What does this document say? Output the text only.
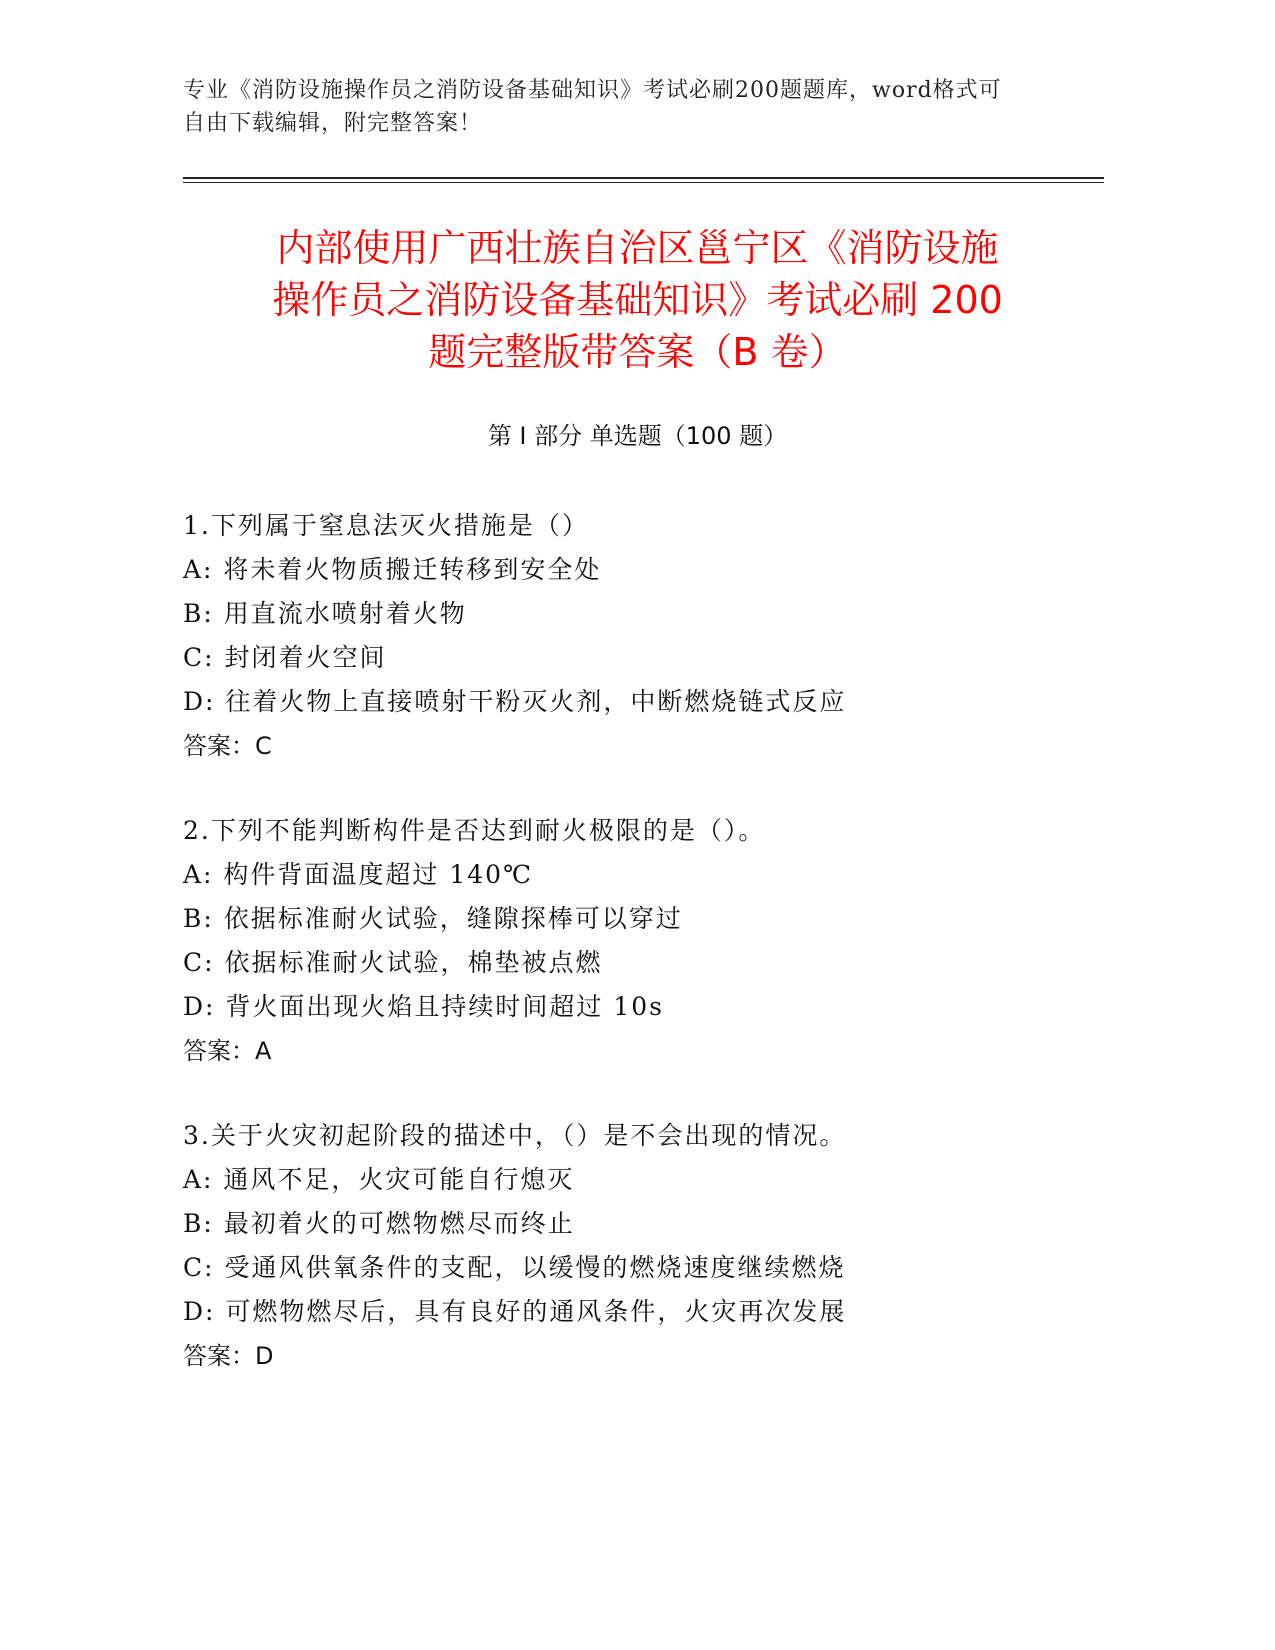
专业《消防设施操作员之消防设备基础知识》考试必刷200题题库，word格式可
自由下载编辑，附完整答案！
内部使用广西壮族自治区邕宁区《消防设施
操作员之消防设备基础知识》考试必刷 200
题完整版带答案（B 卷）
第 I 部分 单选题（100 题）
1.下列属于窒息法灭火措施是（）
A: 将未着火物质搬迁转移到安全处
B: 用直流水喷射着火物
C: 封闭着火空间
D: 往着火物上直接喷射干粉灭火剂，中断燃烧链式反应
答案：C
2.下列不能判断构件是否达到耐火极限的是（）。
A: 构件背面温度超过 140℃
B: 依据标准耐火试验，缝隙探棒可以穿过
C: 依据标准耐火试验，棉垫被点燃
D: 背火面出现火焰且持续时间超过 10s
答案：A
3.关于火灾初起阶段的描述中，（）是不会出现的情况。
A: 通风不足，火灾可能自行熄灭
B: 最初着火的可燃物燃尽而终止
C: 受通风供氧条件的支配，以缓慢的燃烧速度继续燃烧
D: 可燃物燃尽后，具有良好的通风条件，火灾再次发展
答案：D
